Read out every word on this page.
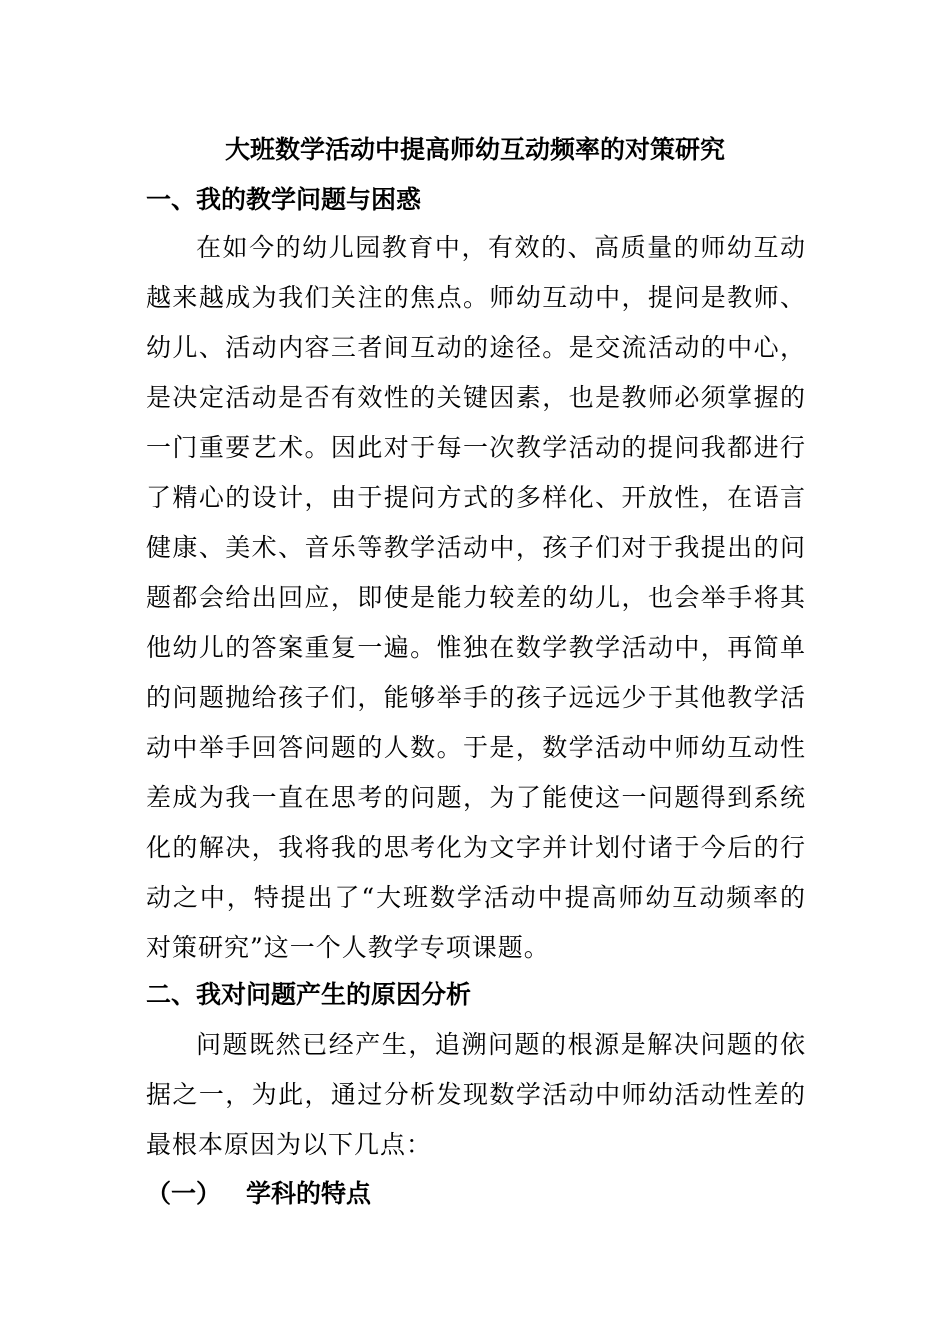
大班数学活动中提高师幼互动频率的对策研究
一、我的教学问题与困惑

在如今的幼儿园教育中，有效的、高质量的师幼互动越来越成为我们关注的焦点。师幼互动中，提问是教师、幼儿、活动内容三者间互动的途径。是交流活动的中心，是决定活动是否有效性的关键因素，也是教师必须掌握的一门重要艺术。因此对于每一次教学活动的提问我都进行了精心的设计，由于提问方式的多样化、开放性，在语言健康、美术、音乐等教学活动中，孩子们对于我提出的问题都会给出回应，即使是能力较差的幼儿，也会举手将其他幼儿的答案重复一遍。惟独在数学教学活动中，再简单的问题抛给孩子们，能够举手的孩子远远少于其他教学活动中举手回答问题的人数。于是，数学活动中师幼互动性差成为我一直在思考的问题，为了能使这一问题得到系统化的解决，我将我的思考化为文字并计划付诸于今后的行动之中，特提出了“大班数学活动中提高师幼互动频率的对策研究”这一个人教学专项课题。

二、我对问题产生的原因分析

问题既然已经产生，追溯问题的根源是解决问题的依据之一，为此，通过分析发现数学活动中师幼活动性差的最根本原因为以下几点：

（一） 学科的特点
